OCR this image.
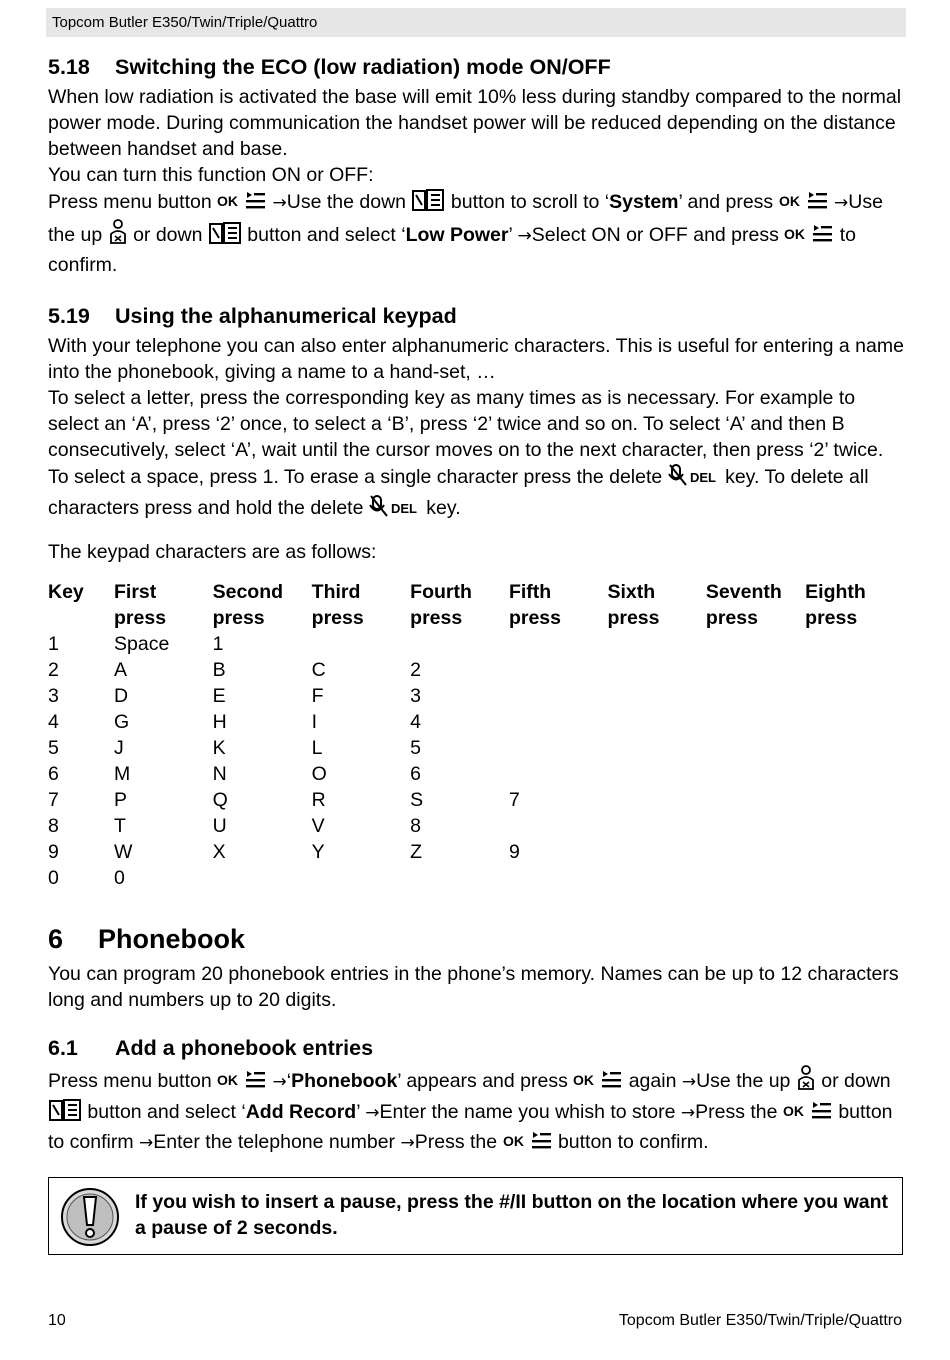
Topcom Butler E350/Twin/Triple/Quattro
5.18 Switching the ECO (low radiation) mode ON/OFF

When low radiation is activated the base will emit 10% less during standby compared to the normal power mode. During communication the handset power will be reduced depending on the distance between handset and base.

You can turn this function ON or OFF:

Press menu button OK →Use the down button to scroll to ‘System’ and press OK →Use the up or down button and select ‘Low Power’ →Select ON or OFF and press OK to confirm.

5.19 Using the alphanumerical keypad

With your telephone you can also enter alphanumeric characters. This is useful for entering a name into the phonebook, giving a name to a hand-set, …

To select a letter, press the corresponding key as many times as is necessary. For example to select an ‘A’, press ‘2’ once, to select a ‘B’, press ‘2’ twice and so on. To select ‘A’ and then B consecutively, select ‘A’, wait until the cursor moves on to the next character, then press ‘2’ twice.

To select a space, press 1. To erase a single character press the delete DEL key. To delete all characters press and hold the delete DEL key.

The keypad characters are as follows:

Key	First press	Second press	Third press	Fourth press	Fifth press	Sixth press	Seventh press	Eighth press
1	Space	1						
2	A	B	C	2				
3	D	E	F	3				
4	G	H	I	4				
5	J	K	L	5				
6	M	N	O	6				
7	P	Q	R	S	7			
8	T	U	V	8				
9	W	X	Y	Z	9			
0	0							
6 Phonebook

You can program 20 phonebook entries in the phone’s memory. Names can be up to 12 characters long and numbers up to 20 digits.

6.1 Add a phonebook entries

Press menu button OK →‘Phonebook’ appears and press OK again →Use the up or down  button and select ‘Add Record’ →Enter the name you whish to store →Press the OK button to confirm →Enter the telephone number →Press the OK button to confirm.

If you wish to insert a pause, press the #/II button on the location where you want a pause of 2 seconds.
10	Topcom Butler E350/Twin/Triple/Quattro
